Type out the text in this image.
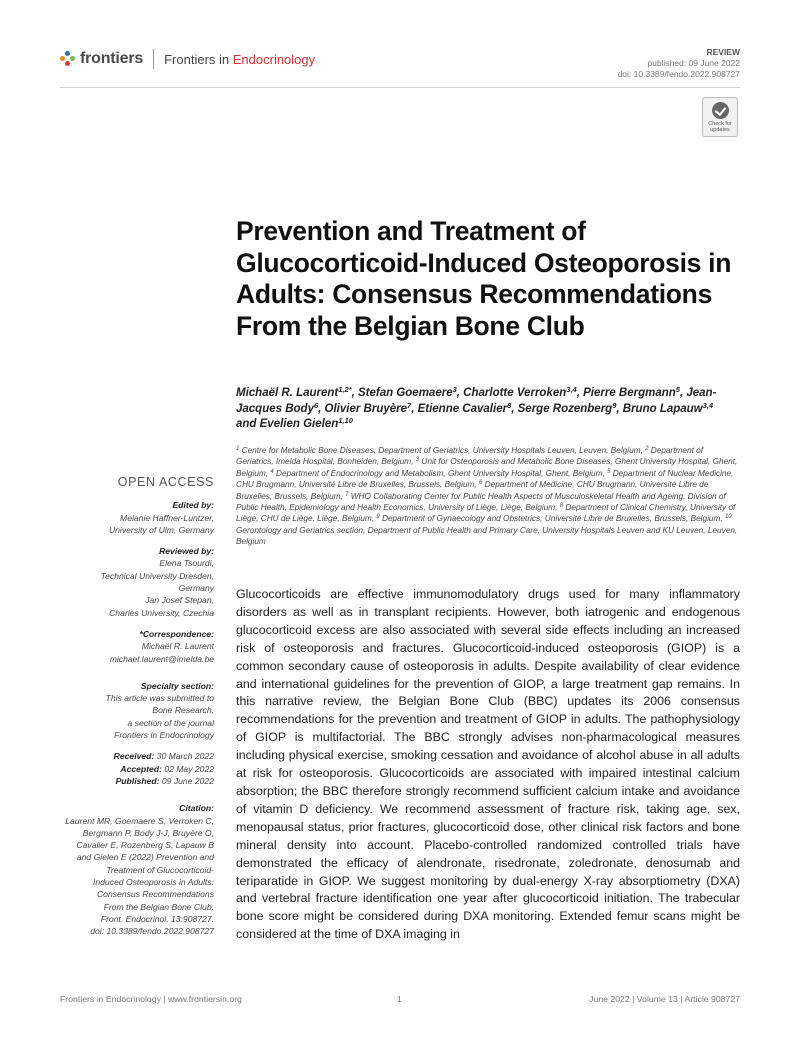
frontiers Frontiers in Endocrinology	REVIEW
published: 09 June 2022
doi: 10.3389/fendo.2022.908727
Check for
updates
Prevention and Treatment of Glucocorticoid-Induced Osteoporosis in Adults: Consensus Recommendations From the Belgian Bone Club
Michaël R. Laurent$^{1,2*}$, Stefan Goemaere$^3$, Charlotte Verroken$^{3,4}$, Pierre Bergmann$^5$, Jean-Jacques Body$^6$, Olivier Bruyère$^7$, Etienne Cavalier$^8$, Serge Rozenberg$^9$, Bruno Lapauw$^{3,4}$ and Evelien Gielen$^{1,10}$
$^1$ Centre for Metabolic Bone Diseases, Department of Geriatrics, University Hospitals Leuven, Leuven, Belgium, $^2$ Department of Geriatrics, Imelda Hospital, Bonheiden, Belgium, $^3$ Unit for Osteoporosis and Metabolic Bone Diseases, Ghent University Hospital, Ghent, Belgium, $^4$ Department of Endocrinology and Metabolism, Ghent University Hospital, Ghent, Belgium, $^5$ Department of Nuclear Medicine, CHU Brugmann, Université Libre de Bruxelles, Brussels, Belgium, $^6$ Department of Medicine, CHU Brugmann, Université Libre de Bruxelles, Brussels, Belgium, $^7$ WHO Collaborating Center for Public Health Aspects of Musculoskeletal Health and Ageing, Division of Public Health, Epidemiology and Health Economics, University of Liège, Liège, Belgium, $^8$ Department of Clinical Chemistry, University of Liège, CHU de Liège, Liège, Belgium, $^9$ Department of Gynaecology and Obstetrics, Université Libre de Bruxelles, Brussels, Belgium, $^{10}$ Gerontology and Geriatrics section, Department of Public Health and Primary Care, University Hospitals Leuven and KU Leuven, Leuven, Belgium
OPEN ACCESS
Edited by:
Melanie Haffner-Luntzer,
University of Ulm, Germany
Reviewed by:
Elena Tsourdi,
Technical University Dresden,
Germany
Jan Josef Stepan,
Charles University, Czechia
*Correspondence:
Michaël R. Laurent
michael.laurent@imelda.be
Specialty section:
This article was submitted to
Bone Research,
a section of the journal
Frontiers in Endocrinology
Received: 30 March 2022
Accepted: 02 May 2022
Published: 09 June 2022
Citation:
Laurent MR, Goemaere S, Verroken C,
Bergmann P, Body J-J, Bruyère O,
Cavalier E, Rozenberg S, Lapauw B
and Gielen E (2022) Prevention and
Treatment of Glucocorticoid-
Induced Osteoporosis in Adults:
Consensus Recommendations
From the Belgian Bone Club.
Front. Endocrinol. 13:908727.
doi: 10.3389/fendo.2022.908727

Glucocorticoids are effective immunomodulatory drugs used for many inflammatory disorders as well as in transplant recipients. However, both iatrogenic and endogenous glucocorticoid excess are also associated with several side effects including an increased risk of osteoporosis and fractures. Glucocorticoid-induced osteoporosis (GIOP) is a common secondary cause of osteoporosis in adults. Despite availability of clear evidence and international guidelines for the prevention of GIOP, a large treatment gap remains. In this narrative review, the Belgian Bone Club (BBC) updates its 2006 consensus recommendations for the prevention and treatment of GIOP in adults. The pathophysiology of GIOP is multifactorial. The BBC strongly advises non-pharmacological measures including physical exercise, smoking cessation and avoidance of alcohol abuse in all adults at risk for osteoporosis. Glucocorticoids are associated with impaired intestinal calcium absorption; the BBC therefore strongly recommend sufficient calcium intake and avoidance of vitamin D deficiency. We recommend assessment of fracture risk, taking age, sex, menopausal status, prior fractures, glucocorticoid dose, other clinical risk factors and bone mineral density into account. Placebo-controlled randomized controlled trials have demonstrated the efficacy of alendronate, risedronate, zoledronate, denosumab and teriparatide in GIOP. We suggest monitoring by dual-energy X-ray absorptiometry (DXA) and vertebral fracture identification one year after glucocorticoid initiation. The trabecular bone score might be considered during DXA monitoring. Extended femur scans might be considered at the time of DXA imaging in

Frontiers in Endocrinology | www.frontiersin.org	1	June 2022 | Volume 13 | Article 908727
